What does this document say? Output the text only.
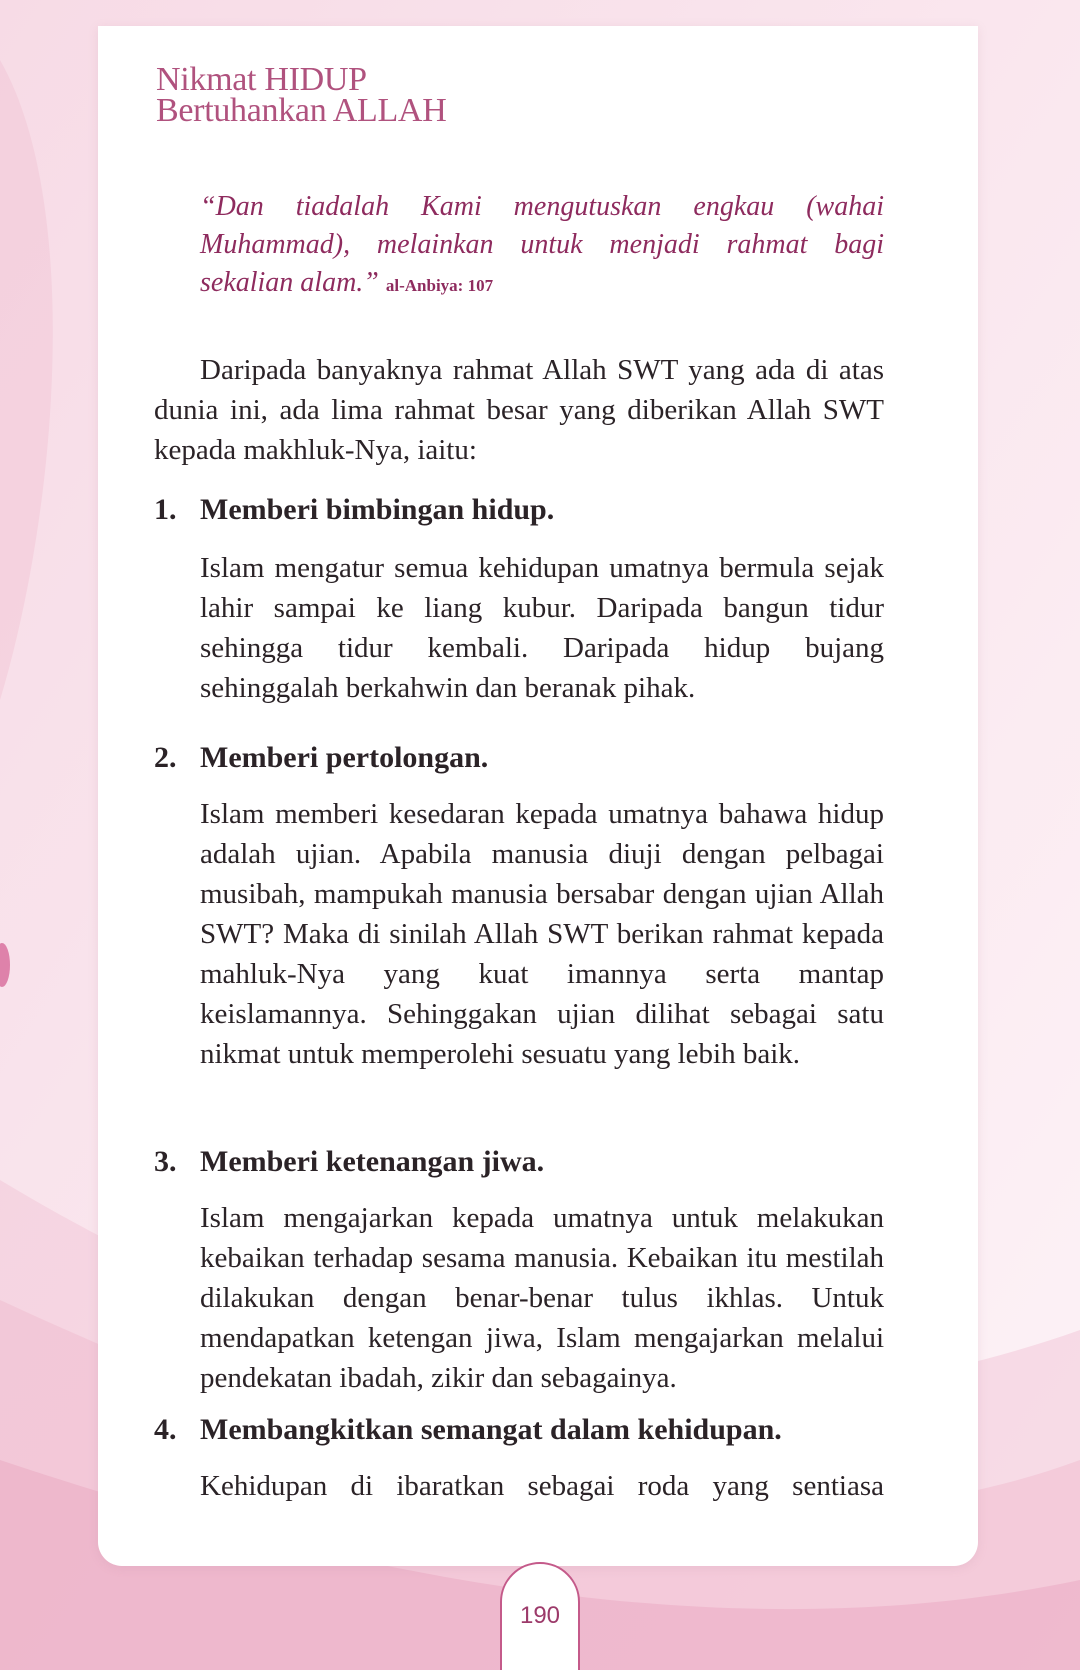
Nikmat HIDUP
Bertuhankan ALLAH
“Dan tiadalah Kami mengutuskan engkau (wahai Muhammad), melainkan untuk menjadi rahmat bagi sekalian alam.” al-Anbiya: 107

Daripada banyaknya rahmat Allah SWT yang ada di atas dunia ini, ada lima rahmat besar yang diberikan Allah SWT kepada makhluk-Nya, iaitu:

1. Memberi bimbingan hidup.

Islam mengatur semua kehidupan umatnya bermula sejak lahir sampai ke liang kubur. Daripada bangun tidur sehingga tidur kembali. Daripada hidup bujang sehinggalah berkahwin dan beranak pihak.

2. Memberi pertolongan.

Islam memberi kesedaran kepada umatnya bahawa hidup adalah ujian. Apabila manusia diuji dengan pelbagai musibah, mampukah manusia bersabar dengan ujian Allah SWT? Maka di sinilah Allah SWT berikan rahmat kepada mahluk-Nya yang kuat imannya serta mantap keislamannya. Sehinggakan ujian dilihat sebagai satu nikmat untuk memperolehi sesuatu yang lebih baik.

3. Memberi ketenangan jiwa.

Islam mengajarkan kepada umatnya untuk melakukan kebaikan terhadap sesama manusia. Kebaikan itu mestilah dilakukan dengan benar-benar tulus ikhlas. Untuk mendapatkan ketengan jiwa, Islam mengajarkan melalui pendekatan ibadah, zikir dan sebagainya.

4. Membangkitkan semangat dalam kehidupan.

Kehidupan di ibaratkan sebagai roda yang sentiasa

190
